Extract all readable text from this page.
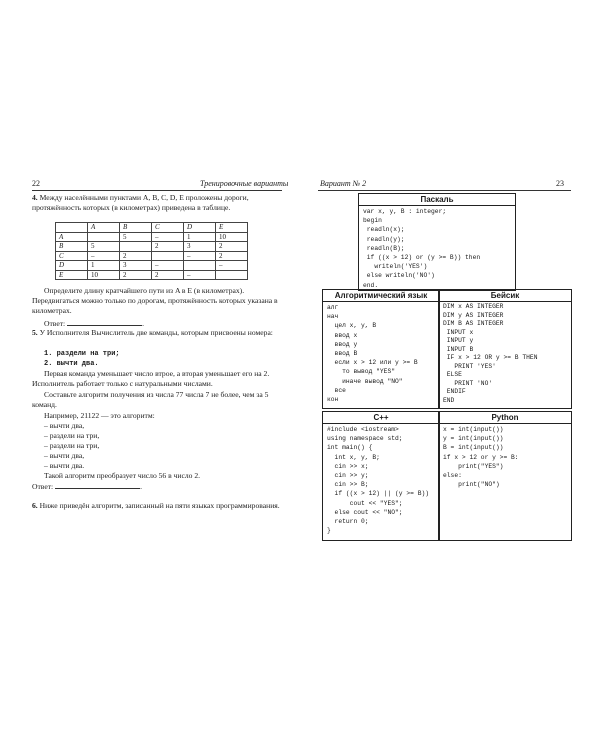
22	Тренировочные варианты
4. Между населёнными пунктами A, B, C, D, E проложены дороги, протяжённость которых (в километрах) приведена в таблице.
	A	B	C	D	E
A		5	–	1	10
B	5		2	3	2
C	–	2		–	2
D	1	3	–		–
E	10	2	2	–	
Определите длину кратчайшего пути из A в E (в километрах). Передвигаться можно только по дорогам, протяжённость которых указана в километрах.
Ответ:	.
5. У Исполнителя Вычислитель две команды, которым присвоены номера:
1. раздели на три;
2. вычти два.
Первая команда уменьшает число втрое, а вторая уменьшает его на 2. Исполнитель работает только с натуральными числами.
Составьте алгоритм получения из числа 77 числа 7 не более, чем за 5 команд.
Например, 21122 — это алгоритм:
– вычти два,
– раздели на три,
– раздели на три,
– вычти два,
– вычти два.
Такой алгоритм преобразует число 56 в число 2.
Ответ:	.
6. Ниже приведён алгоритм, записанный на пяти языках программирования.
Вариант № 2	23
Паскаль
var x, y, B : integer;
begin
readln(x);
readln(y);
readln(B);
if ((x > 12) or (y >= B)) then
writeln('YES')
else writeln('NO')
end.
Алгоритмический язык
алг
нач
цел x, y, B
ввод x
ввод y
ввод B
если x > 12 или y >= B
то вывод "YES"
иначе вывод "NO"
все
кон
Бейсик
DIM x AS INTEGER
DIM y AS INTEGER
DIM B AS INTEGER
INPUT x
INPUT y
INPUT B
IF x > 12 OR y >= B THEN
PRINT 'YES'
ELSE
PRINT 'NO'
ENDIF
END
C++
#include <iostream>
using namespace std;
int main() {
int x, y, B;
cin >> x;
cin >> y;
cin >> B;
if ((x > 12) || (y >= B))
cout << "YES";
else cout << "NO";
return 0;
}
Python
x = int(input())
y = int(input())
B = int(input())
if x > 12 or y >= B:
print("YES")
else:
print("NO")
